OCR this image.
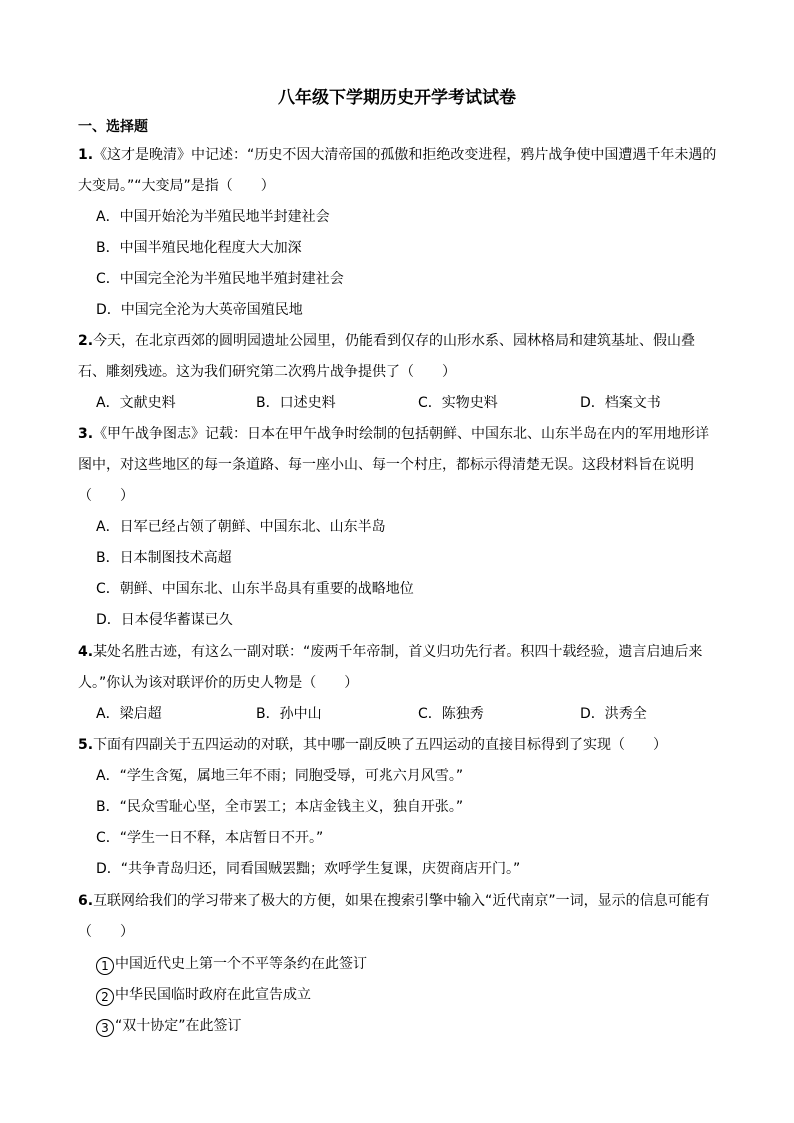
八年级下学期历史开学考试试卷
一、选择题
1.《这才是晚清》中记述：“历史不因大清帝国的孤傲和拒绝改变进程，鸦片战争使中国遭遇千年未遇的
大变局。”“大变局”是指（　　）
A．中国开始沦为半殖民地半封建社会
B．中国半殖民地化程度大大加深
C．中国完全沦为半殖民地半殖封建社会
D．中国完全沦为大英帝国殖民地
2.今天，在北京西郊的圆明园遗址公园里，仍能看到仅存的山形水系、园林格局和建筑基址、假山叠
石、雕刻残迹。这为我们研究第二次鸦片战争提供了（　　）
A．文献史料	B．口述史料	C．实物史料	D．档案文书
3.《甲午战争图志》记载：日本在甲午战争时绘制的包括朝鲜、中国东北、山东半岛在内的军用地形详
图中，对这些地区的每一条道路、每一座小山、每一个村庄，都标示得清楚无误。这段材料旨在说明
（　　）
A．日军已经占领了朝鲜、中国东北、山东半岛
B．日本制图技术高超
C．朝鲜、中国东北、山东半岛具有重要的战略地位
D．日本侵华蓄谋已久
4.某处名胜古迹，有这么一副对联：“废两千年帝制，首义归功先行者。积四十载经验，遗言启迪后来
人。”你认为该对联评价的历史人物是（　　）
A．梁启超	B．孙中山	C．陈独秀	D．洪秀全
5.下面有四副关于五四运动的对联，其中哪一副反映了五四运动的直接目标得到了实现（　　）
A．“学生含冤，属地三年不雨；同胞受辱，可兆六月风雪。”
B．“民众雪耻心坚，全市罢工；本店金钱主义，独自开张。”
C．“学生一日不释，本店暂日不开。”
D．“共争青岛归还，同看国贼罢黜；欢呼学生复课，庆贺商店开门。”
6.互联网给我们的学习带来了极大的方便，如果在搜索引擎中输入“近代南京”一词，显示的信息可能有
（　　）
1 中国近代史上第一个不平等条约在此签订
2 中华民国临时政府在此宣告成立
3 “双十协定”在此签订
